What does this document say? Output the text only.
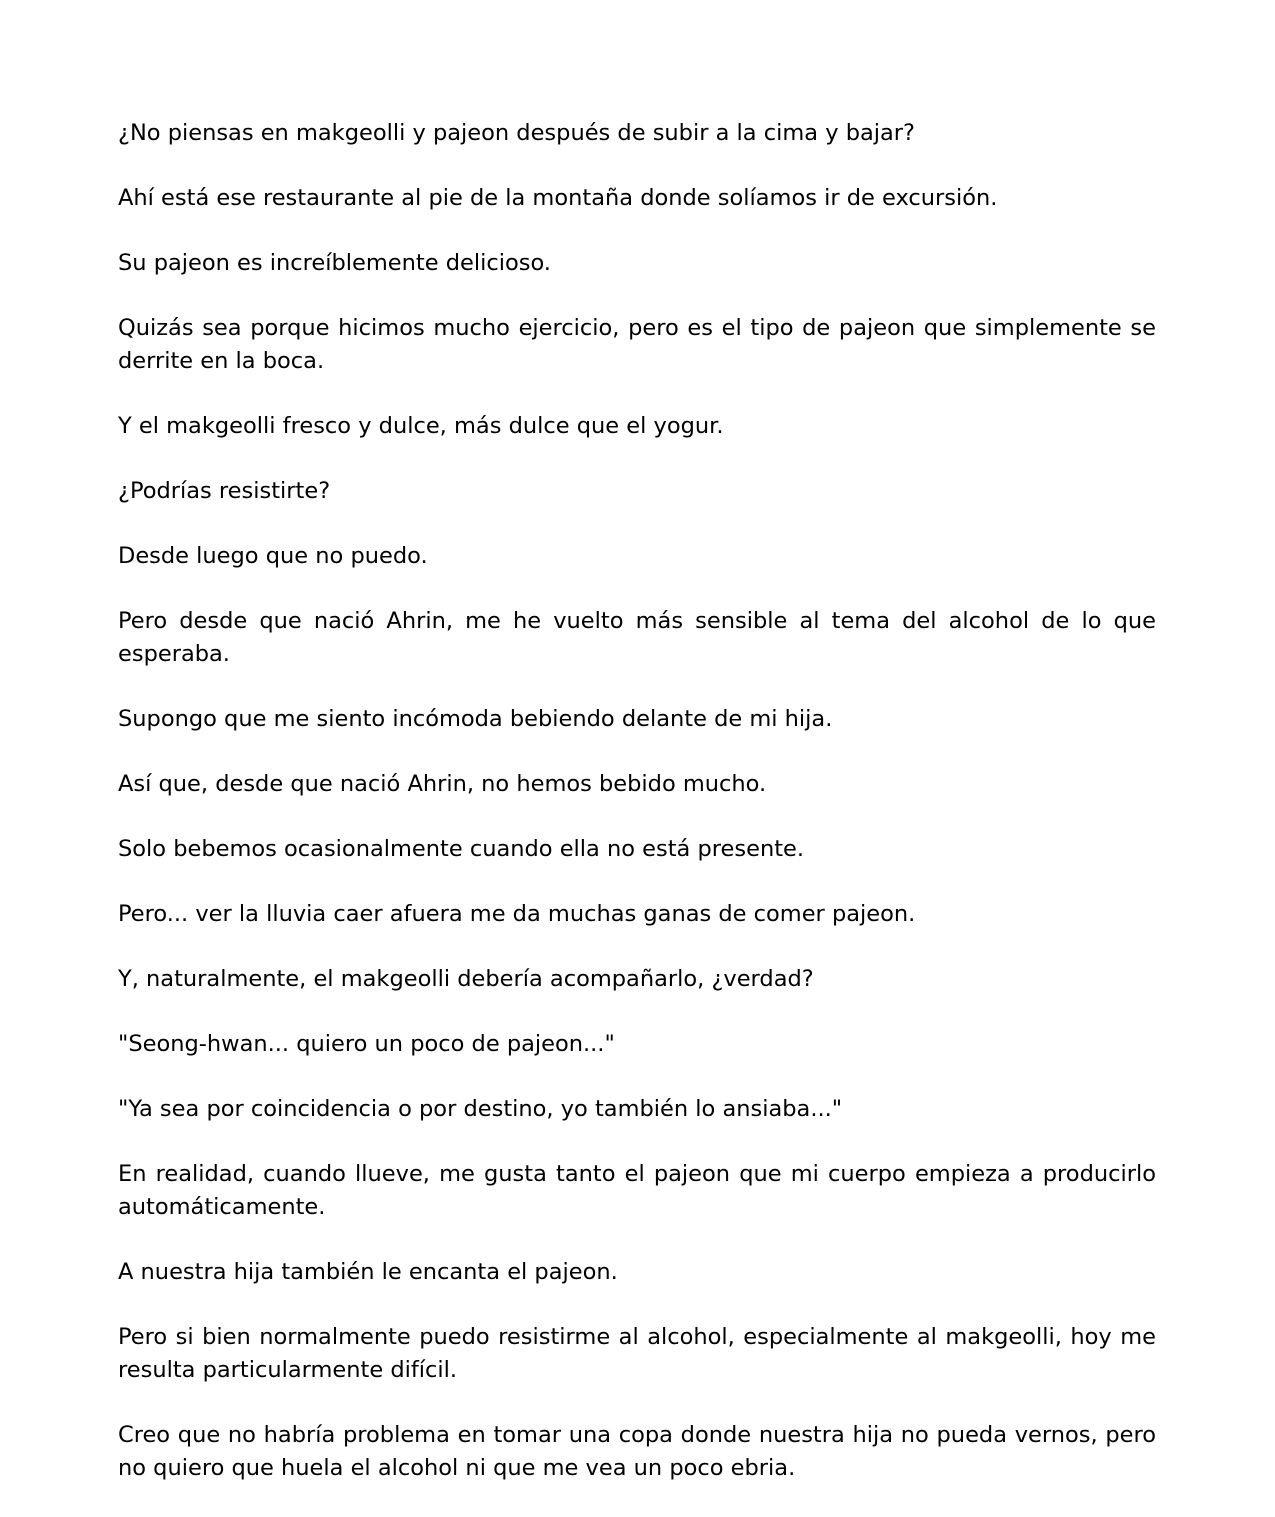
¿No piensas en makgeolli y pajeon después de subir a la cima y bajar?

Ahí está ese restaurante al pie de la montaña donde solíamos ir de excursión.

Su pajeon es increíblemente delicioso.

Quizás sea porque hicimos mucho ejercicio, pero es el tipo de pajeon que simplemente se derrite en la boca.

Y el makgeolli fresco y dulce, más dulce que el yogur.

¿Podrías resistirte?

Desde luego que no puedo.

Pero desde que nació Ahrin, me he vuelto más sensible al tema del alcohol de lo que esperaba.

Supongo que me siento incómoda bebiendo delante de mi hija.

Así que, desde que nació Ahrin, no hemos bebido mucho.

Solo bebemos ocasionalmente cuando ella no está presente.

Pero... ver la lluvia caer afuera me da muchas ganas de comer pajeon.

Y, naturalmente, el makgeolli debería acompañarlo, ¿verdad?

"Seong-hwan... quiero un poco de pajeon..."

"Ya sea por coincidencia o por destino, yo también lo ansiaba..."

En realidad, cuando llueve, me gusta tanto el pajeon que mi cuerpo empieza a producirlo automáticamente.

A nuestra hija también le encanta el pajeon.

Pero si bien normalmente puedo resistirme al alcohol, especialmente al makgeolli, hoy me resulta particularmente difícil.

Creo que no habría problema en tomar una copa donde nuestra hija no pueda vernos, pero no quiero que huela el alcohol ni que me vea un poco ebria.
